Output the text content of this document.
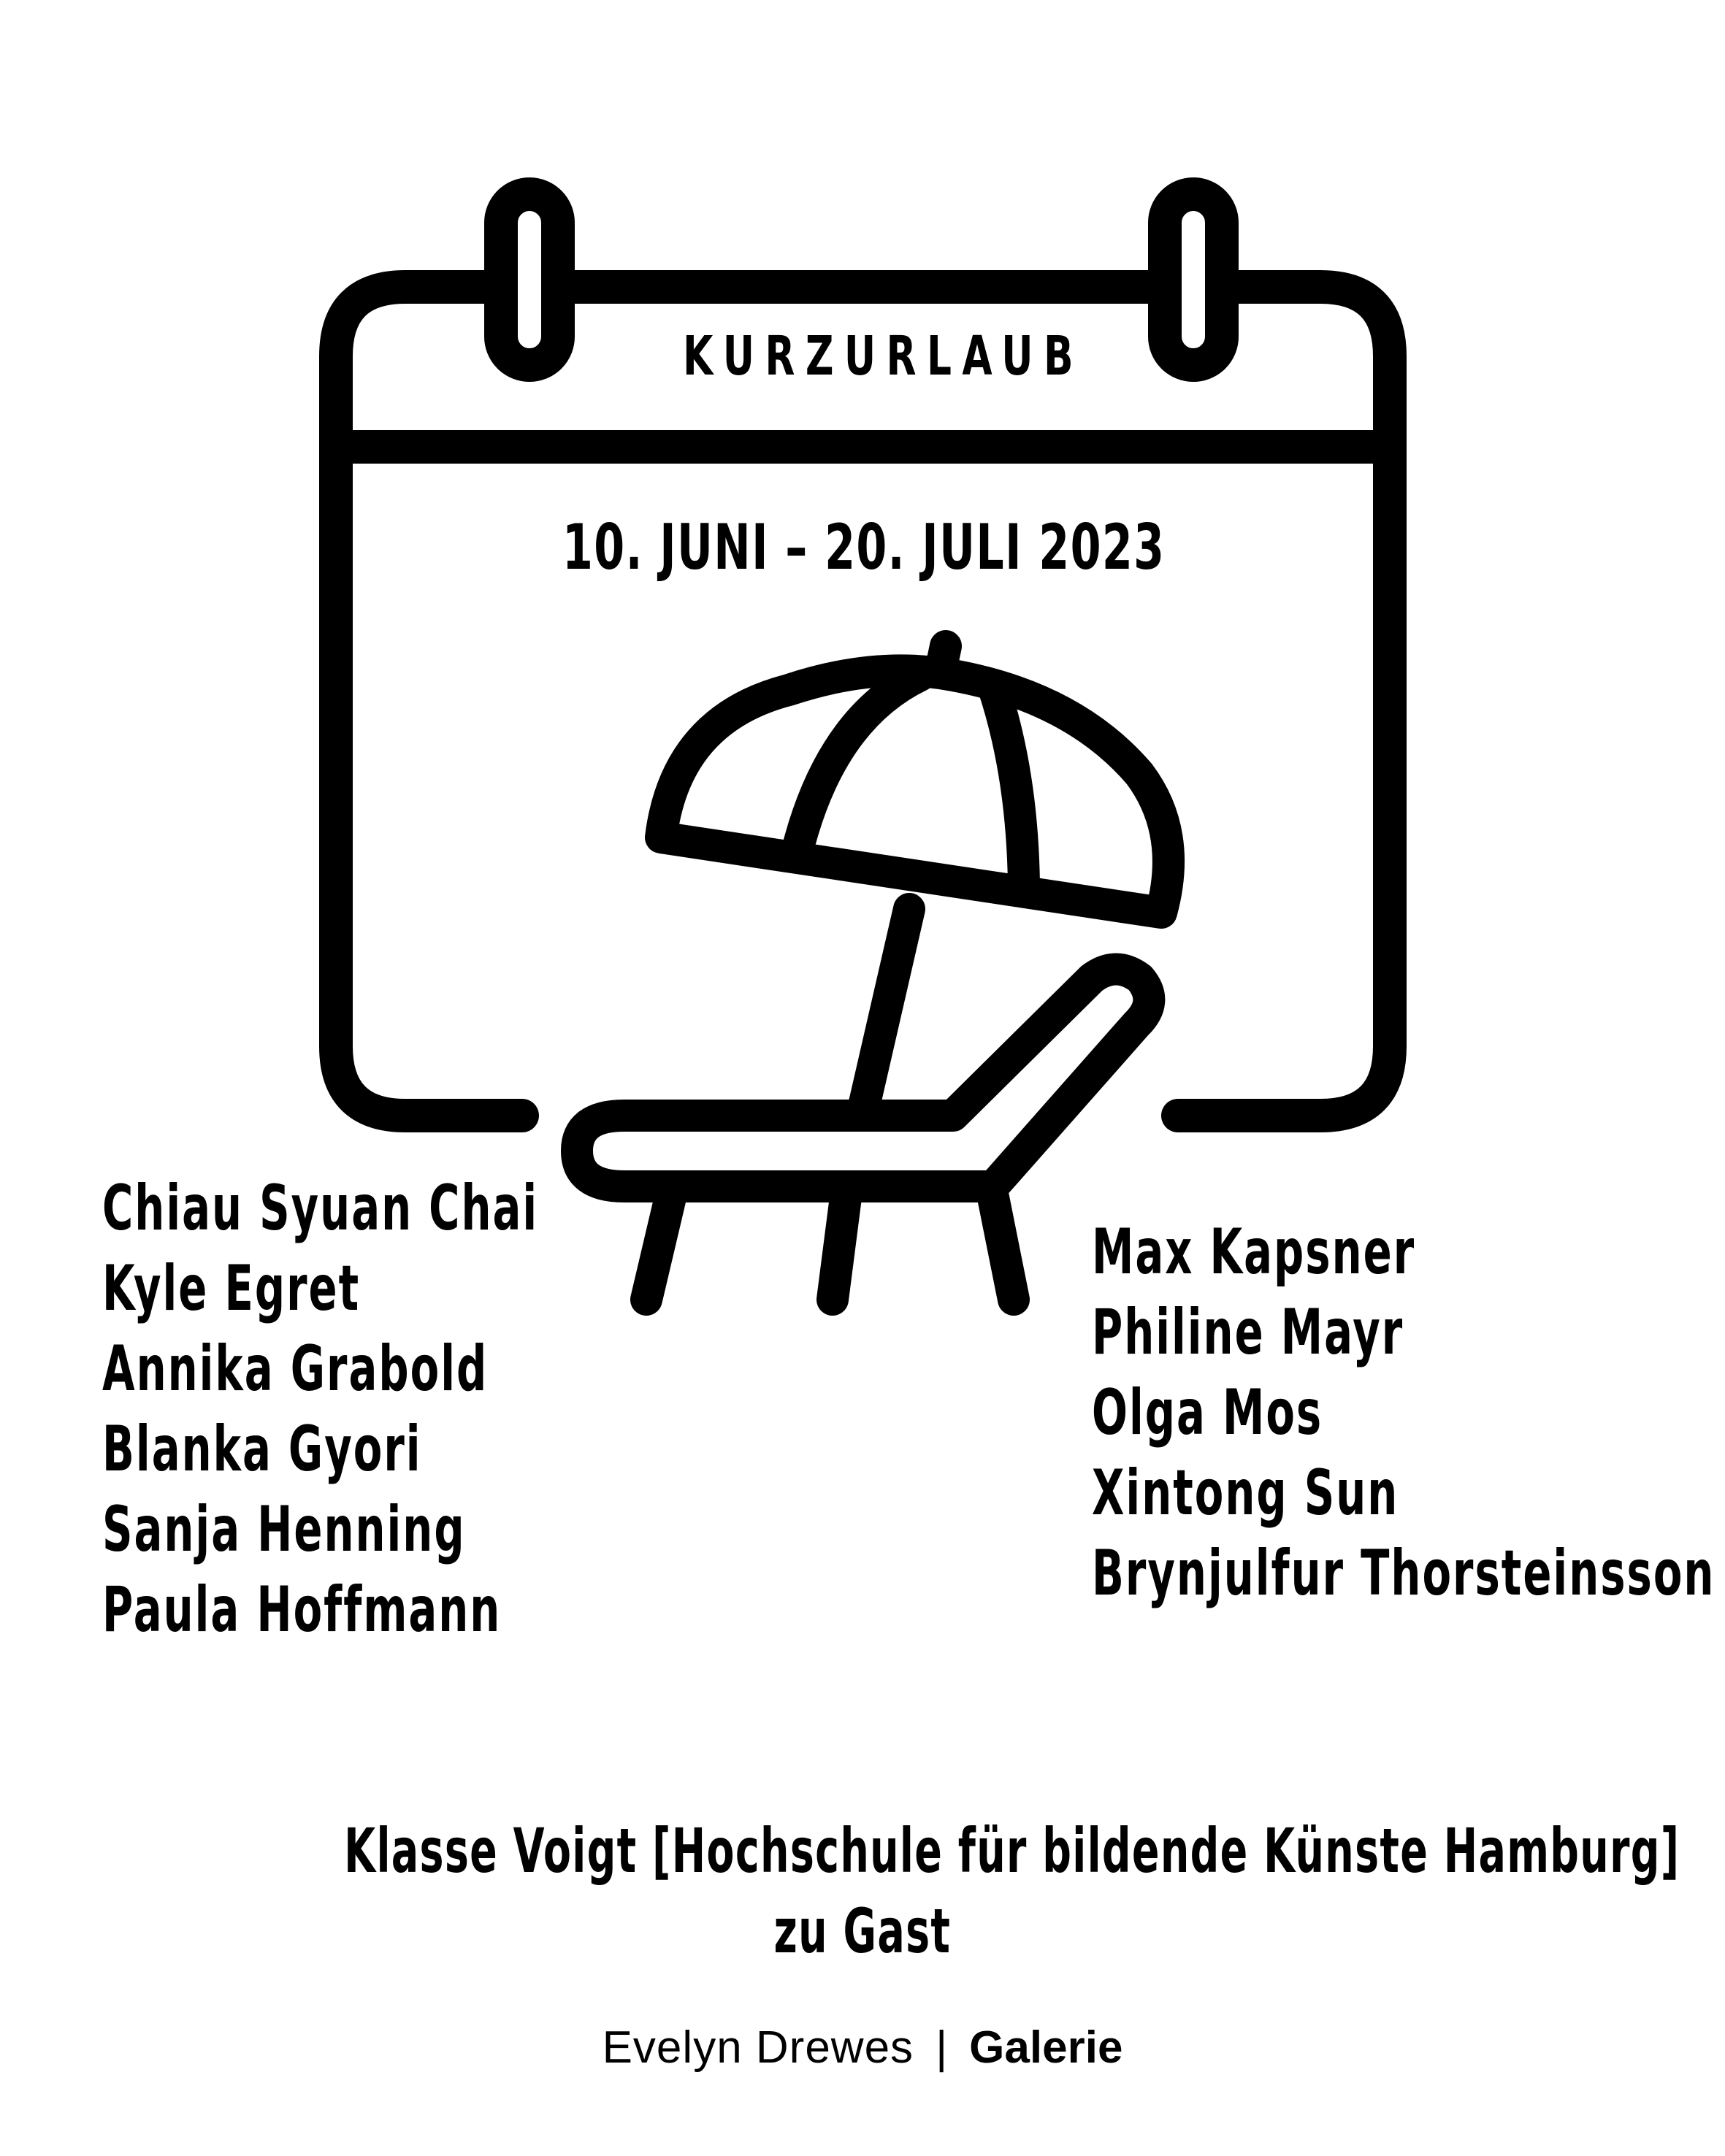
KURZURLAUB
10. JUNI – 20. JULI 2023
Chiau Syuan Chai
Kyle Egret
Annika Grabold
Blanka Gyori
Sanja Henning
Paula Hoffmann
Max Kapsner
Philine Mayr
Olga Mos
Xintong Sun
Brynjulfur Thorsteinsson
Klasse Voigt [Hochschule für bildende Künste Hamburg]
zu Gast
Evelyn Drewes | Galerie
